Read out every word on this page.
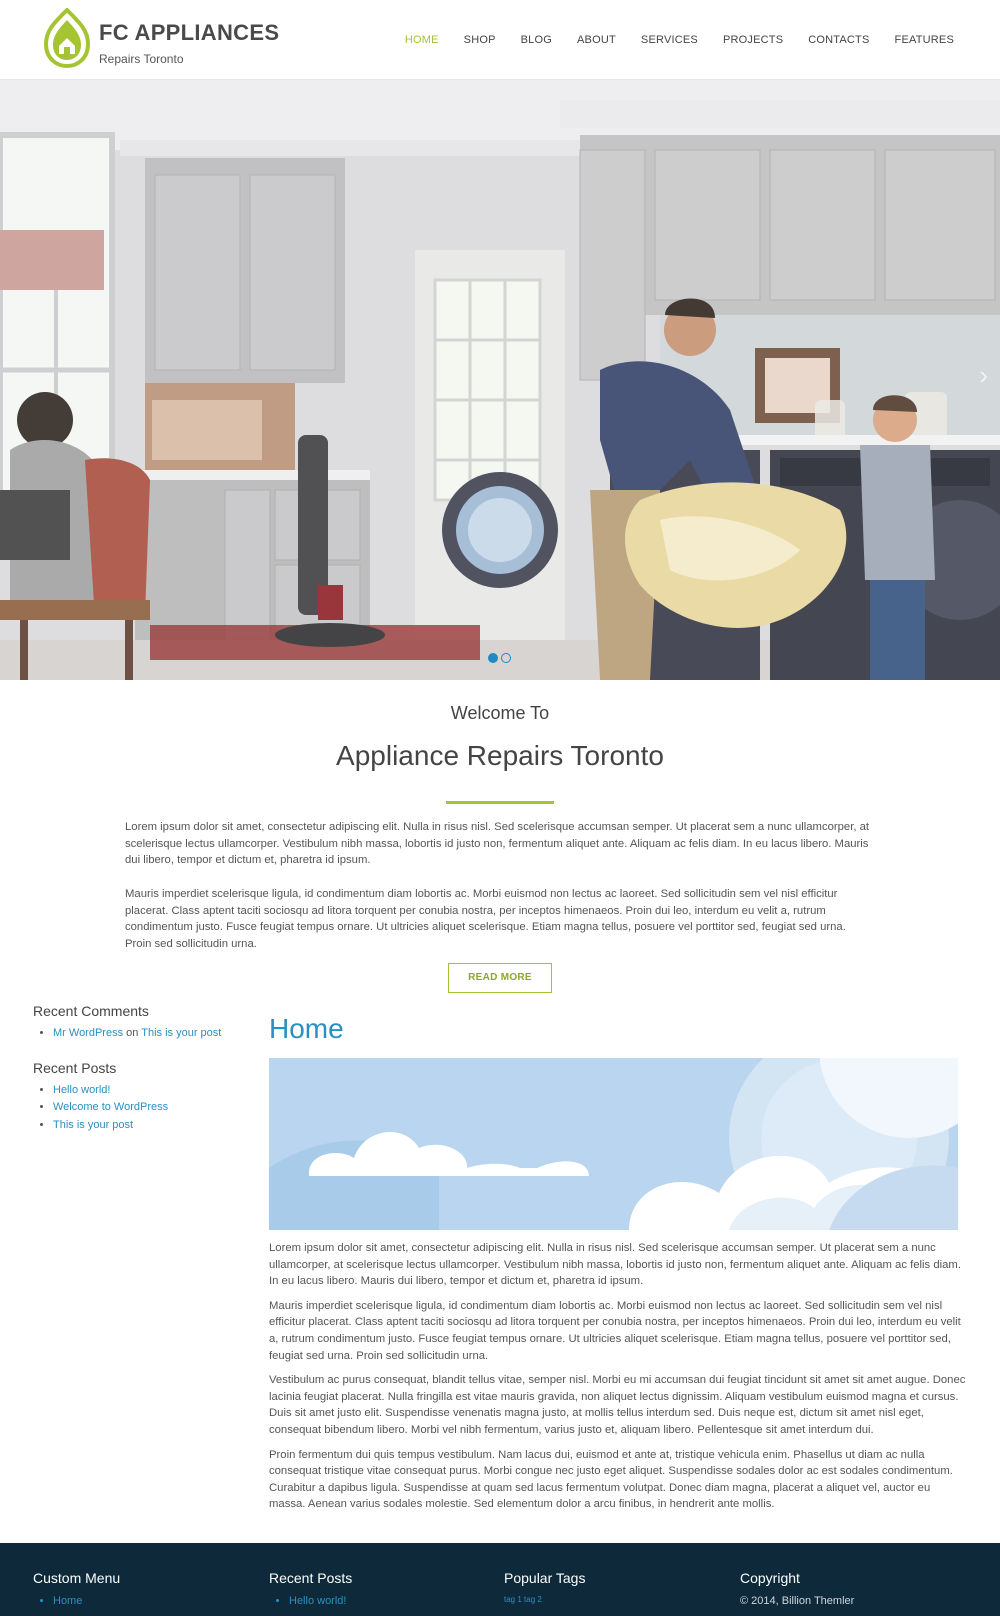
FC APPLIANCES
Repairs Toronto
HOME SHOP BLOG ABOUT SERVICES PROJECTS CONTACTS FEATURES
›
Welcome To
Appliance Repairs Toronto

Lorem ipsum dolor sit amet, consectetur adipiscing elit. Nulla in risus nisl. Sed scelerisque accumsan semper. Ut placerat sem a nunc ullamcorper, at scelerisque lectus ullamcorper. Vestibulum nibh massa, lobortis id justo non, fermentum aliquet ante. Aliquam ac felis diam. In eu lacus libero. Mauris dui libero, tempor et dictum et, pharetra id ipsum.

Mauris imperdiet scelerisque ligula, id condimentum diam lobortis ac. Morbi euismod non lectus ac laoreet. Sed sollicitudin sem vel nisl efficitur placerat. Class aptent taciti sociosqu ad litora torquent per conubia nostra, per inceptos himenaeos. Proin dui leo, interdum eu velit a, rutrum condimentum justo. Fusce feugiat tempus ornare. Ut ultricies aliquet scelerisque. Etiam magna tellus, posuere vel porttitor sed, feugiat sed urna. Proin sed sollicitudin urna.

READ MORE
Recent Comments
• Mr WordPress on This is your post
Recent Posts
• Hello world!
• Welcome to WordPress
• This is your post
Home

Lorem ipsum dolor sit amet, consectetur adipiscing elit. Nulla in risus nisl. Sed scelerisque accumsan semper. Ut placerat sem a nunc ullamcorper, at scelerisque lectus ullamcorper. Vestibulum nibh massa, lobortis id justo non, fermentum aliquet ante. Aliquam ac felis diam. In eu lacus libero. Mauris dui libero, tempor et dictum et, pharetra id ipsum.

Mauris imperdiet scelerisque ligula, id condimentum diam lobortis ac. Morbi euismod non lectus ac laoreet. Sed sollicitudin sem vel nisl efficitur placerat. Class aptent taciti sociosqu ad litora torquent per conubia nostra, per inceptos himenaeos. Proin dui leo, interdum eu velit a, rutrum condimentum justo. Fusce feugiat tempus ornare. Ut ultricies aliquet scelerisque. Etiam magna tellus, posuere vel porttitor sed, feugiat sed urna. Proin sed sollicitudin urna.

Vestibulum ac purus consequat, blandit tellus vitae, semper nisl. Morbi eu mi accumsan dui feugiat tincidunt sit amet sit amet augue. Donec lacinia feugiat placerat. Nulla fringilla est vitae mauris gravida, non aliquet lectus dignissim. Aliquam vestibulum euismod magna et cursus. Duis sit amet justo elit. Suspendisse venenatis magna justo, at mollis tellus interdum sed. Duis neque est, dictum sit amet nisl eget, consequat bibendum libero. Morbi vel nibh fermentum, varius justo et, aliquam libero. Pellentesque sit amet interdum dui.

Proin fermentum dui quis tempus vestibulum. Nam lacus dui, euismod et ante at, tristique vehicula enim. Phasellus ut diam ac nulla consequat tristique vitae consequat purus. Morbi congue nec justo eget aliquet. Suspendisse sodales dolor ac est sodales condimentum. Curabitur a dapibus ligula. Suspendisse at quam sed lacus fermentum volutpat. Donec diam magna, placerat a aliquet vel, auctor eu massa. Aenean varius sodales molestie. Sed elementum dolor a arcu finibus, in hendrerit ante mollis.

Custom Menu
• Home
Recent Posts
• Hello world!
Popular Tags
tag 1 tag 2
Copyright
© 2014, Billion Themler
